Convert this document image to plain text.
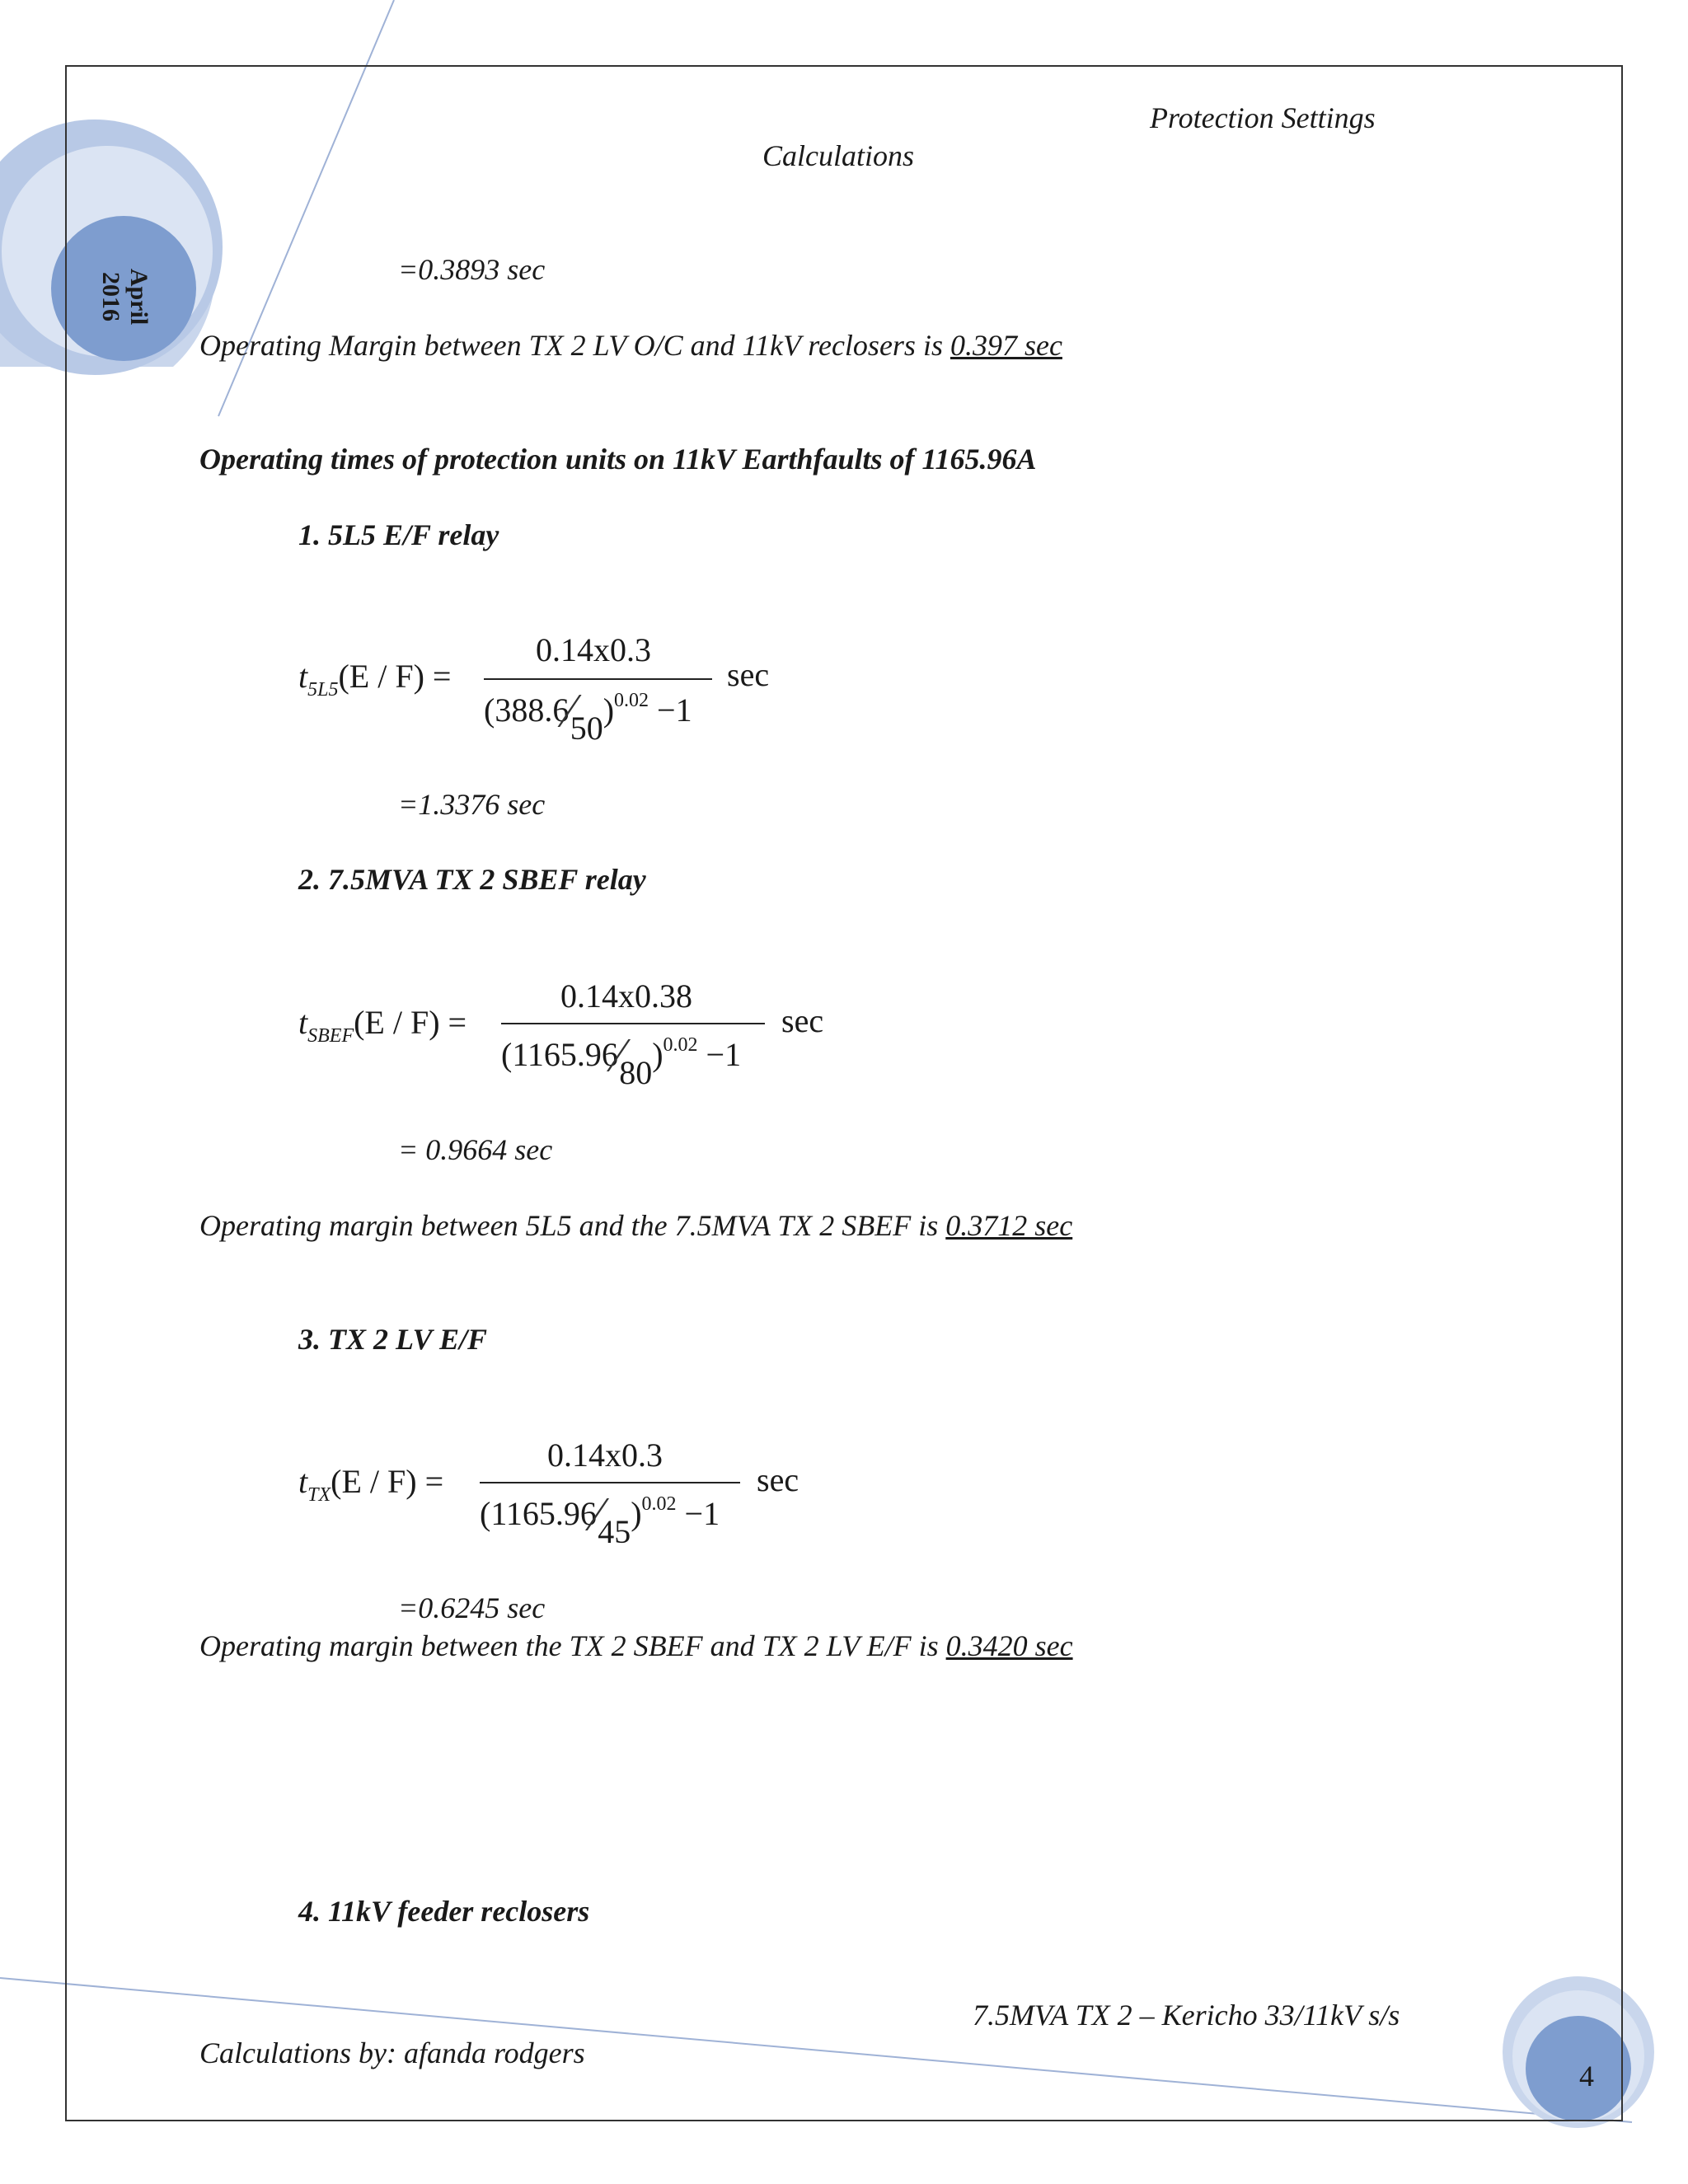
April
2016
Protection Settings
Calculations
=0.3893 sec
Operating Margin between TX 2 LV O/C and 11kV reclosers is 0.397 sec
Operating times of protection units on 11kV Earthfaults of 1165.96A
1. 5L5 E/F relay
$t_{5L5}(E / F)$ =
0.14x0.3
(388.6⁄50)$^{0.02}$ −1
sec
=1.3376 sec
2. 7.5MVA TX 2 SBEF relay
$t_{SBEF}(E / F)$ =
0.14x0.38
(1165.96⁄80)$^{0.02}$ −1
sec
= 0.9664 sec
Operating margin between 5L5 and the 7.5MVA TX 2 SBEF is 0.3712 sec
3. TX 2 LV E/F
$t_{TX}(E / F)$ =
0.14x0.3
(1165.96⁄45)$^{0.02}$ −1
sec
=0.6245 sec
Operating margin between the TX 2 SBEF and TX 2 LV E/F is 0.3420 sec
4. 11kV feeder reclosers
7.5MVA TX 2 – Kericho 33/11kV s/s
Calculations by: afanda rodgers
4
